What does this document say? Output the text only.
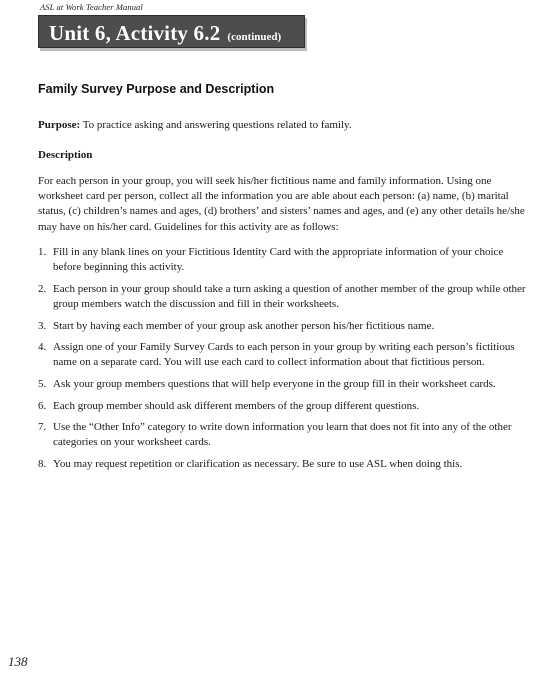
ASL at Work Teacher Manual
Unit 6, Activity 6.2 (continued)
Family Survey Purpose and Description
Purpose: To practice asking and answering questions related to family.
Description

For each person in your group, you will seek his/her fictitious name and family information. Using one worksheet card per person, collect all the information you are able about each person: (a) name, (b) marital status, (c) children’s names and ages, (d) brothers’ and sisters’ names and ages, and (e) any other details he/she may have on his/her card. Guidelines for this activity are as follows:

1. Fill in any blank lines on your Fictitious Identity Card with the appropriate information of your choice before beginning this activity.
2. Each person in your group should take a turn asking a question of another member of the group while other group members watch the discussion and fill in their worksheets.
3. Start by having each member of your group ask another person his/her fictitious name.
4. Assign one of your Family Survey Cards to each person in your group by writing each person’s fictitious name on a separate card. You will use each card to collect information about that fictitious person.
5. Ask your group members questions that will help everyone in the group fill in their worksheet cards.
6. Each group member should ask different members of the group different questions.
7. Use the “Other Info” category to write down information you learn that does not fit into any of the other categories on your worksheet cards.
8. You may request repetition or clarification as necessary. Be sure to use ASL when doing this.
138
